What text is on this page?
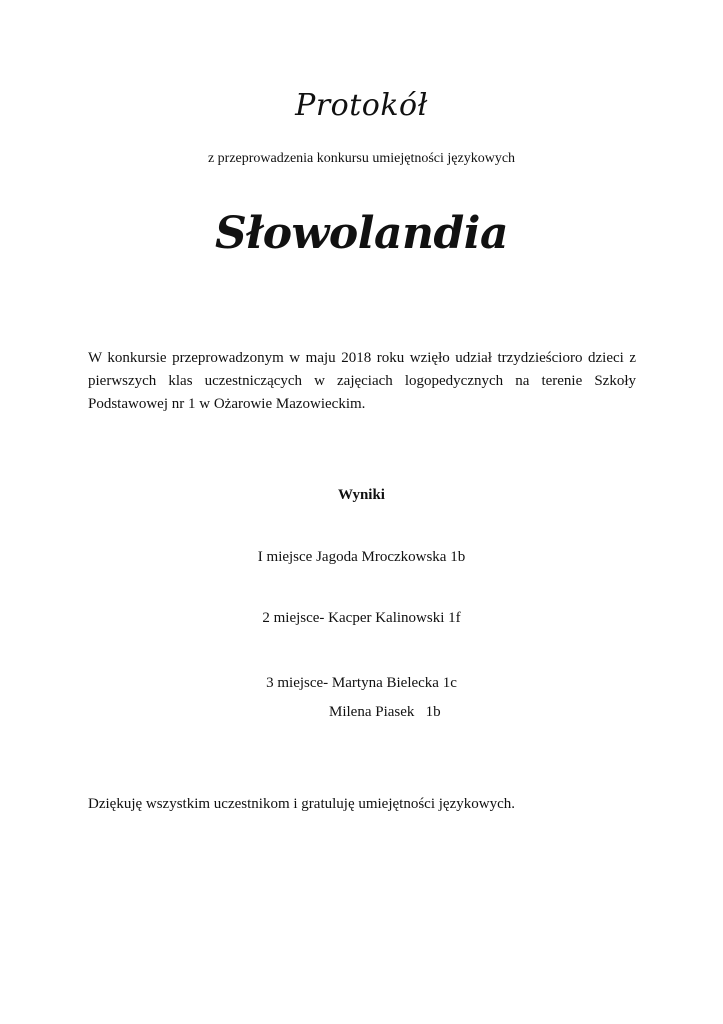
Protokół
z przeprowadzenia konkursu umiejętności językowych
Słowolandia
W konkursie przeprowadzonym w maju 2018 roku wzięło udział trzydzieścioro dzieci z pierwszych klas uczestniczących w zajęciach logopedycznych na terenie Szkoły Podstawowej nr 1 w Ożarowie Mazowieckim.
Wyniki
I miejsce Jagoda Mroczkowska 1b
2 miejsce- Kacper Kalinowski 1f
3 miejsce- Martyna Bielecka 1c
Milena Piasek   1b
Dziękuję wszystkim uczestnikom i gratuluję umiejętności językowych.
